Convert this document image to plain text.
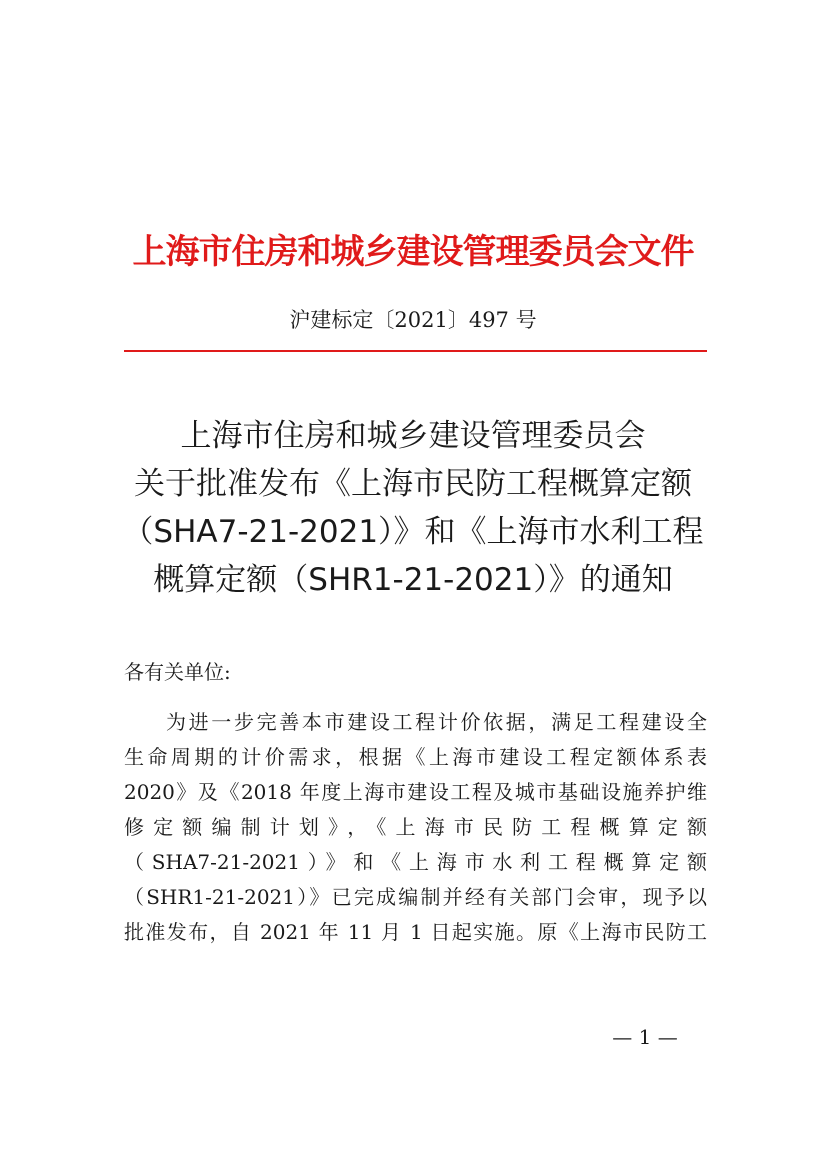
上海市住房和城乡建设管理委员会文件
沪建标定〔2021〕497 号
上海市住房和城乡建设管理委员会
关于批准发布《上海市民防工程概算定额
（SHA7-21-2021）》和《上海市水利工程
概算定额（SHR1-21-2021）》的通知
各有关单位:
为进一步完善本市建设工程计价依据，满足工程建设全
生命周期的计价需求，根据《上海市建设工程定额体系表
2020》及《2018 年度上海市建设工程及城市基础设施养护维
修定额编制计划》，《上海市民防工程概算定额
（SHA7-21-2021）》和《上海市水利工程概算定额
（SHR1-21-2021）》已完成编制并经有关部门会审，现予以
批准发布，自 2021 年 11 月 1 日起实施。原《上海市民防工
— 1 —
